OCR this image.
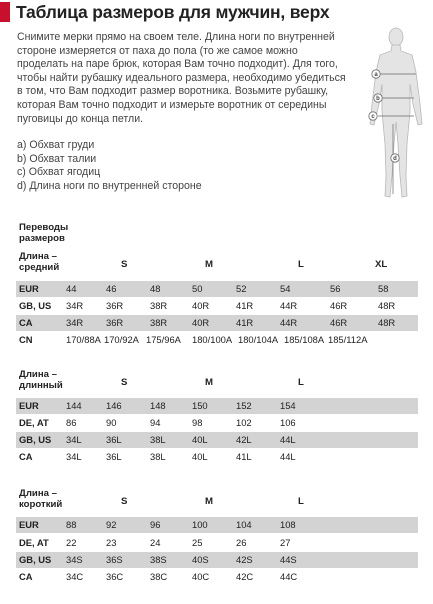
Таблица размеров для мужчин, верх
Снимите мерки прямо на своем теле. Длина ноги по внутренней стороне измеряется от паха до пола (то же самое можно проделать на паре брюк, которая Вам точно подходит). Для того, чтобы найти рубашку идеального размера, необходимо убедиться в том, что Вам подходит размер воротника. Возьмите рубашку, которая Вам точно подходит и измерьте воротник от середины пуговицы до конца петли.
a) Обхват груди
b) Обхват талии
c) Обхват ягодиц
d) Длина ноги по внутренней стороне
a
b
c
d
Переводы размеров
Длина – средний	S	M	L	XL
EUR	44	46	48	50	52	54	56	58
GB, US 34R 36R	38R	40R	41R	44R	46R	48R
CA	34R 36R	38R	40R	41R	44R	46R	48R
CN	170/88A 170/92A 175/96A 180/100A 180/104A 185/108A 185/112A
Длина – длинный	S	M	L
EUR	144	146	148	150	152	154
DE, AT 86	90	94	98	102	106
GB, US 34L	36L	38L	40L	42L	44L
CA	34L	36L	38L	40L	41L	44L
Длина – короткий	S	M	L
EUR	88	92	96	100	104	108
DE, AT 22	23	24	25	26	27
GB, US 34S 36S	38S	40S	42S	44S
CA	34C 36C	38C	40C	42C	44C
